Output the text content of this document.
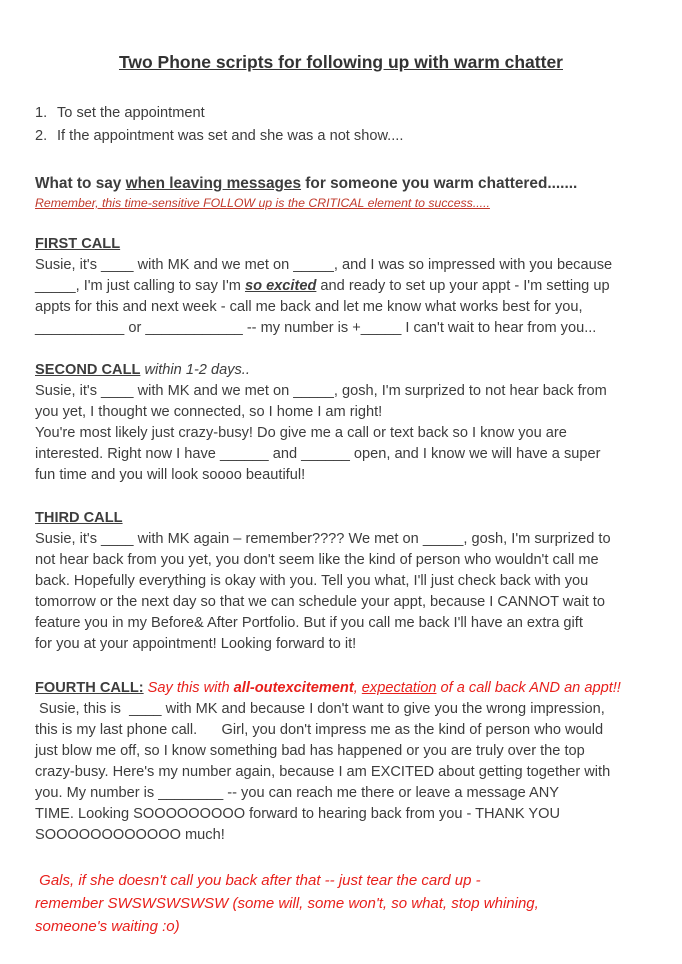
Two Phone scripts for following up with warm chatter
1. To set the appointment
2. If the appointment was set and she was a not show....
What to say when leaving messages for someone you warm chattered.......
Remember, this time-sensitive FOLLOW up is the CRITICAL element to success.....
FIRST CALL
Susie, it's ____ with MK and we met on _____, and I was so impressed with you because
_____, I'm just calling to say I'm so excited and ready to set up your appt - I'm setting up
appts for this and next week - call me back and let me know what works best for you,
___________ or ____________ -- my number is +_____ I can't wait to hear from you...
SECOND CALL within 1-2 days..
Susie, it's ____ with MK and we met on _____, gosh, I'm surprized to not hear back from
you yet, I thought we connected, so I home I am right!
You're most likely just crazy-busy! Do give me a call or text back so I know you are
interested. Right now I have ______ and ______ open, and I know we will have a super
fun time and you will look soooo beautiful!
THIRD CALL
Susie, it's ____ with MK again – remember???? We met on _____, gosh, I'm surprized to
not hear back from you yet, you don't seem like the kind of person who wouldn't call me
back. Hopefully everything is okay with you. Tell you what, I'll just check back with you
tomorrow or the next day so that we can schedule your appt, because I CANNOT wait to
feature you in my Before& After Portfolio. But if you call me back I'll have an extra gift
for you at your appointment! Looking forward to it!
FOURTH CALL: Say this with all-outexcitement, expectation of a call back AND an appt!!
Susie, this is  ____ with MK and because I don't want to give you the wrong impression,
this is my last phone call.      Girl, you don't impress me as the kind of person who would
just blow me off, so I know something bad has happened or you are truly over the top
crazy-busy. Here's my number again, because I am EXCITED about getting together with
you. My number is ________ -- you can reach me there or leave a message ANY
TIME. Looking SOOOOOOOOO forward to hearing back from you - THANK YOU
SOOOOOOOOOOOO much!
Gals, if she doesn't call you back after that -- just tear the card up -
remember SWSWSWSWSW (some will, some won't, so what, stop whining,
someone's waiting :o)
